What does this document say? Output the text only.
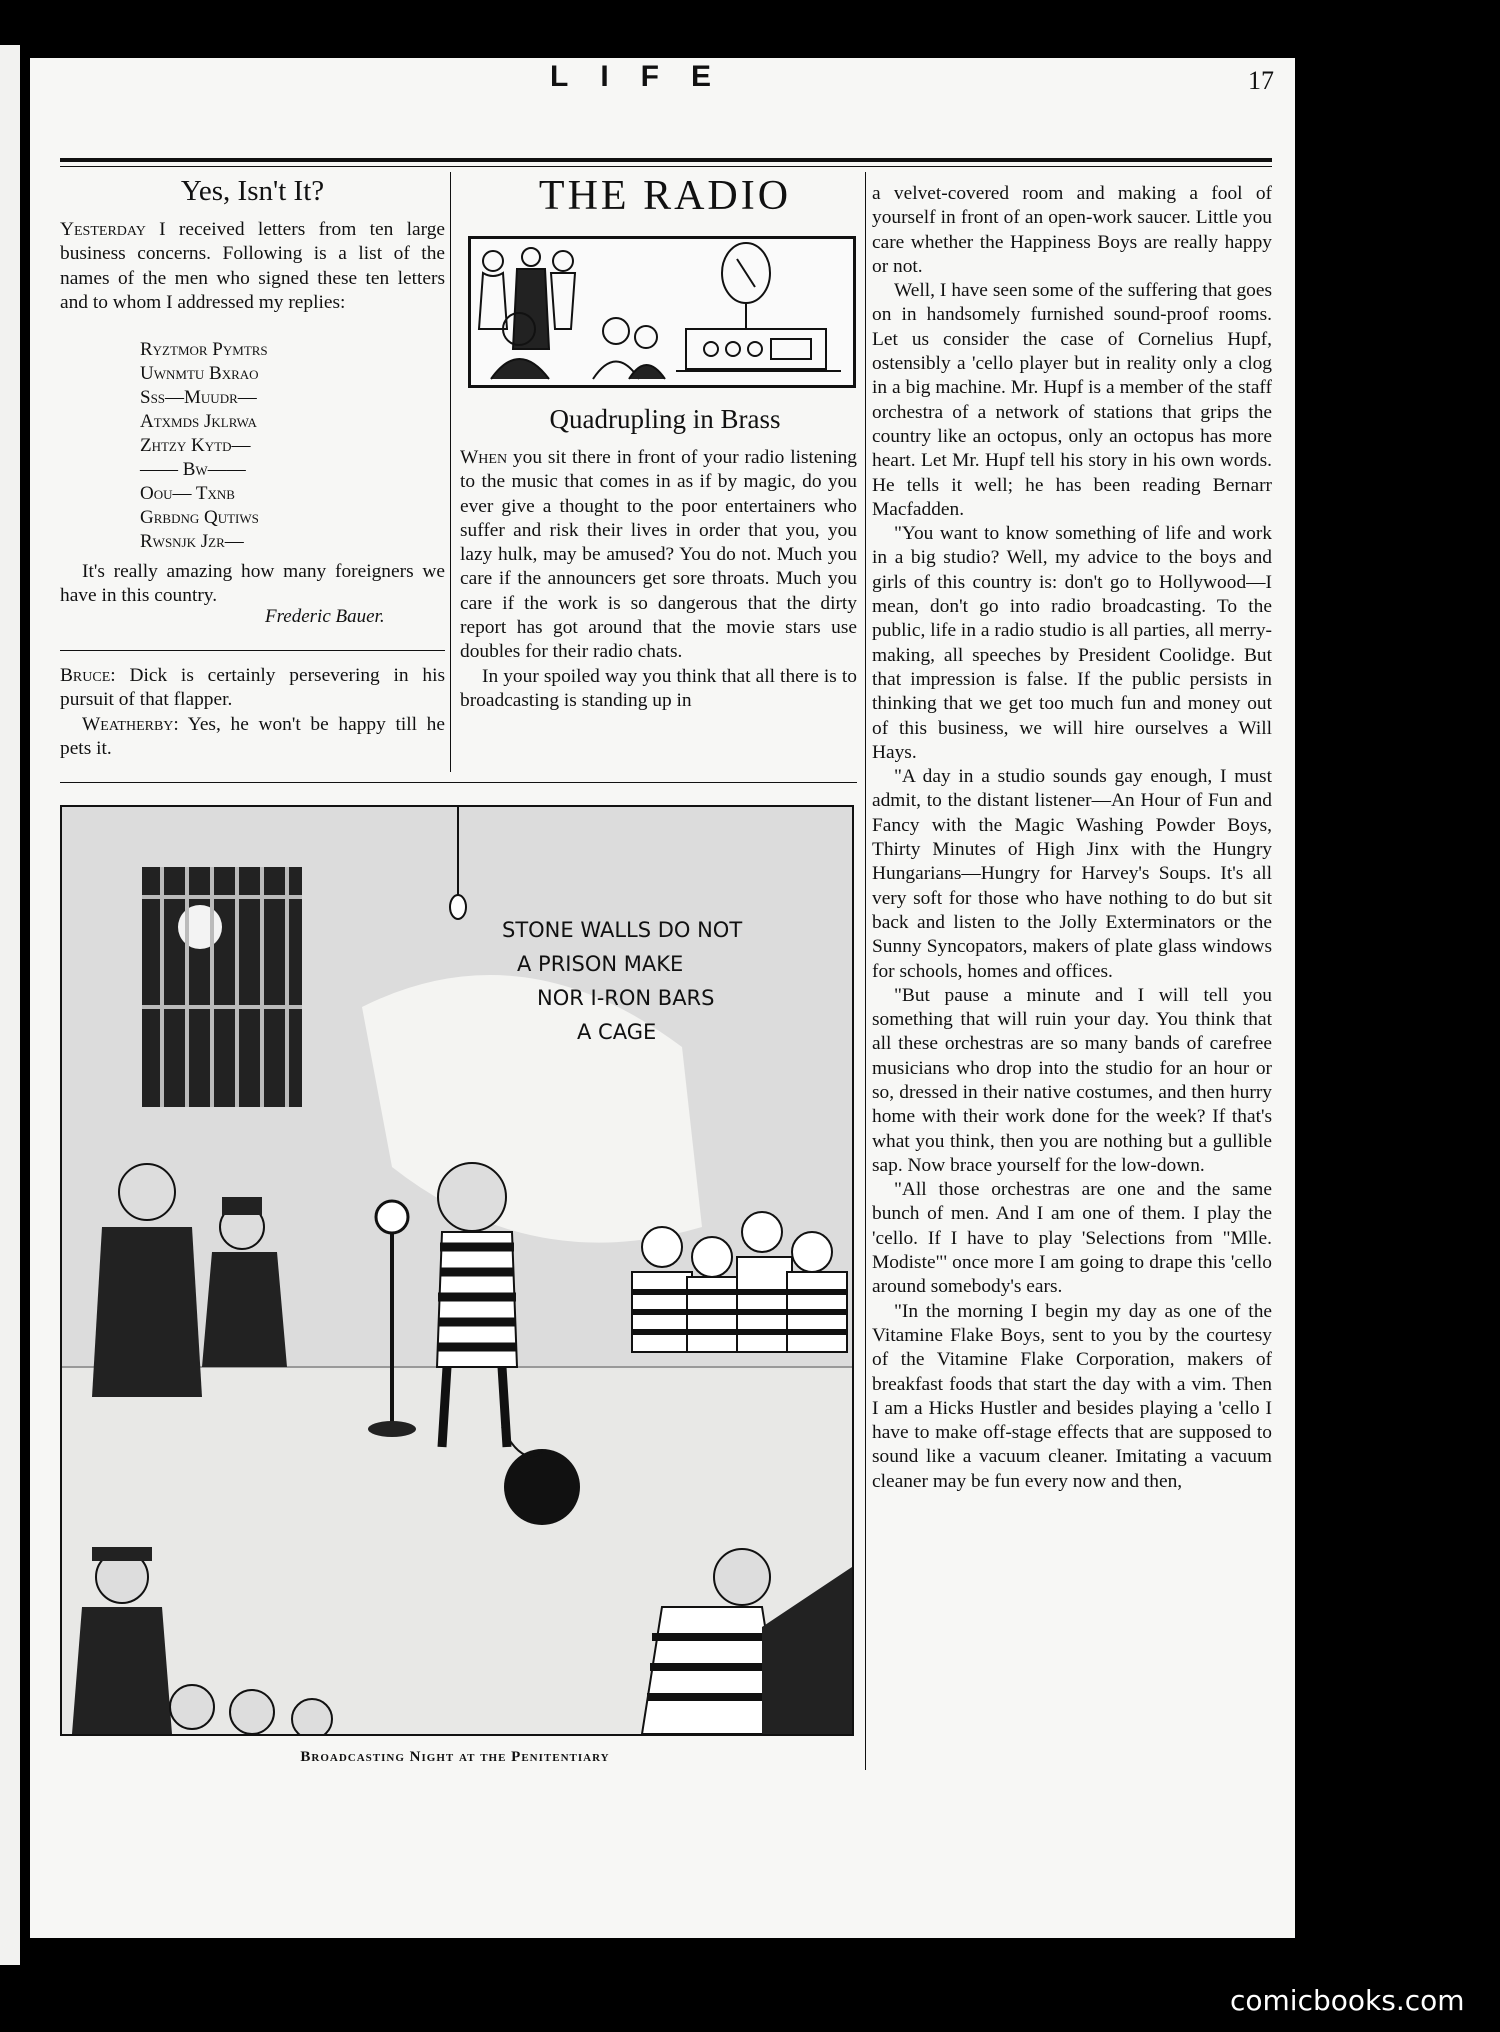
LIFE	17
Yes, Isn't It?

Yesterday I received letters from ten large business concerns. Following is a list of the names of the men who signed these ten letters and to whom I addressed my replies:

Ryztmor Pymtrs
Uwnmtu Bxrao
Sss—Muudr—
Atxmds Jklrwa
Zhtzy Kytd—
—— Bw——
Oou— Txnb
Grbdng Qutiws
Rwsnjk Jzr—

It's really amazing how many foreigners we have in this country.

Frederic Bauer.

Bruce: Dick is certainly persevering in his pursuit of that flapper.

Weatherby: Yes, he won't be happy till he pets it.

THE RADIO
Quadrupling in Brass

When you sit there in front of your radio listening to the music that comes in as if by magic, do you ever give a thought to the poor entertainers who suffer and risk their lives in order that you, you lazy hulk, may be amused? You do not. Much you care if the announcers get sore throats. Much you care if the work is so dangerous that the dirty report has got around that the movie stars use doubles for their radio chats.

In your spoiled way you think that all there is to broadcasting is standing up in

STONE WALLS DO NOT
A PRISON MAKE
NOR I-RON BARS
A CAGE
Broadcasting Night at the Penitentiary

a velvet-covered room and making a fool of yourself in front of an open-work saucer. Little you care whether the Happiness Boys are really happy or not.

Well, I have seen some of the suffering that goes on in handsomely furnished sound-proof rooms. Let us consider the case of Cornelius Hupf, ostensibly a 'cello player but in reality only a clog in a big machine. Mr. Hupf is a member of the staff orchestra of a network of stations that grips the country like an octopus, only an octopus has more heart. Let Mr. Hupf tell his story in his own words. He tells it well; he has been reading Bernarr Macfadden.

"You want to know something of life and work in a big studio? Well, my advice to the boys and girls of this country is: don't go to Hollywood—I mean, don't go into radio broadcasting. To the public, life in a radio studio is all parties, all merry-making, all speeches by President Coolidge. But that impression is false. If the public persists in thinking that we get too much fun and money out of this business, we will hire ourselves a Will Hays.

"A day in a studio sounds gay enough, I must admit, to the distant listener—An Hour of Fun and Fancy with the Magic Washing Powder Boys, Thirty Minutes of High Jinx with the Hungry Hungarians—Hungry for Harvey's Soups. It's all very soft for those who have nothing to do but sit back and listen to the Jolly Exterminators or the Sunny Syncopators, makers of plate glass windows for schools, homes and offices.

"But pause a minute and I will tell you something that will ruin your day. You think that all these orchestras are so many bands of carefree musicians who drop into the studio for an hour or so, dressed in their native costumes, and then hurry home with their work done for the week? If that's what you think, then you are nothing but a gullible sap. Now brace yourself for the low-down.

"All those orchestras are one and the same bunch of men. And I am one of them. I play the 'cello. If I have to play 'Selections from "Mlle. Modiste"' once more I am going to drape this 'cello around somebody's ears.

"In the morning I begin my day as one of the Vitamine Flake Boys, sent to you by the courtesy of the Vitamine Flake Corporation, makers of breakfast foods that start the day with a vim. Then I am a Hicks Hustler and besides playing a 'cello I have to make off-stage effects that are supposed to sound like a vacuum cleaner. Imitating a vacuum cleaner may be fun every now and then,

comicbooks.com
